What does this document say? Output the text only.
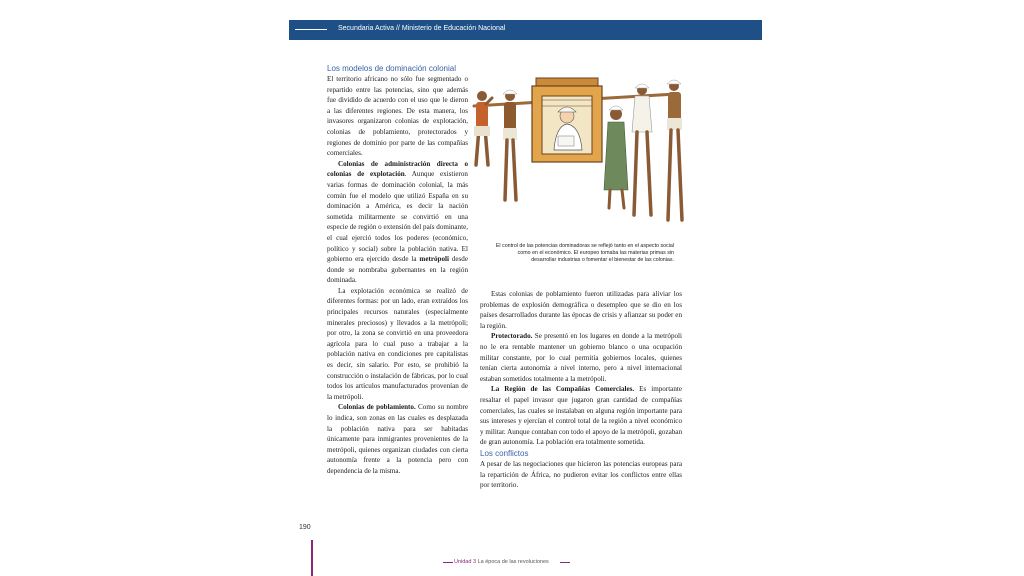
Secundaria Activa // Ministerio de Educación Nacional
Los modelos de dominación colonial

El territorio africano no sólo fue segmentado o repartido entre las potencias, sino que además fue dividido de acuerdo con el uso que le dieron a las diferentes regiones. De esta manera, los invasores organizaron colonias de explotación, colonias de poblamiento, protectorados y regiones de dominio por parte de las compañías comerciales.

Colonias de administración directa o colonias de explotación. Aunque existieron varias formas de dominación colonial, la más común fue el modelo que utilizó España en su dominación a América, es decir la nación sometida militarmente se convirtió en una especie de región o extensión del país dominante, el cual ejerció todos los poderes (económico, político y social) sobre la población nativa. El gobierno era ejercido desde la metrópoli desde donde se nombraba gobernantes en la región dominada.

La explotación económica se realizó de diferentes formas: por un lado, eran extraídos los principales recursos naturales (especialmente minerales preciosos) y llevados a la metrópoli; por otro, la zona se convirtió en una proveedora agrícola para lo cual puso a trabajar a la población nativa en condiciones pre capitalistas es decir, sin salario. Por esto, se prohibió la construcción o instalación de fábricas, por lo cual todos los artículos manufacturados provenían de la metrópoli.

Colonias de poblamiento. Como su nombre lo indica, son zonas en las cuales es desplazada la población nativa para ser habitadas únicamente para inmigrantes provenientes de la metrópoli, quienes organizan ciudades con cierta autonomía frente a la potencia pero con dependencia de la misma.

El control de las potencias dominadoras se reflejó tanto en el aspecto social como en el económico. El europeo tomaba las materias primas sin desarrollar industrias o fomentar el bienestar de las colonias.

Estas colonias de poblamiento fueron utilizadas para aliviar los problemas de explosión demográfica o desempleo que se dio en los países desarrollados durante las épocas de crisis y afianzar su poder en la región.

Protectorado. Se presentó en los lugares en donde a la metrópoli no le era rentable mantener un gobierno blanco o una ocupación militar constante, por lo cual permitía gobiernos locales, quienes tenían cierta autonomía a nivel interno, pero a nivel internacional estaban sometidos totalmente a la metrópoli.

La Región de las Compañías Comerciales. Es importante resaltar el papel invasor que jugaron gran cantidad de compañías comerciales, las cuales se instalaban en alguna región importante para sus intereses y ejercían el control total de la región a nivel económico y militar. Aunque contaban con todo el apoyo de la metrópoli, gozaban de gran autonomía. La población era totalmente sometida.

Los conflictos

A pesar de las negociaciones que hicieron las potencias europeas para la repartición de África, no pudieron evitar los conflictos entre ellas por territorio.

190
Unidad 3 La época de las revoluciones
